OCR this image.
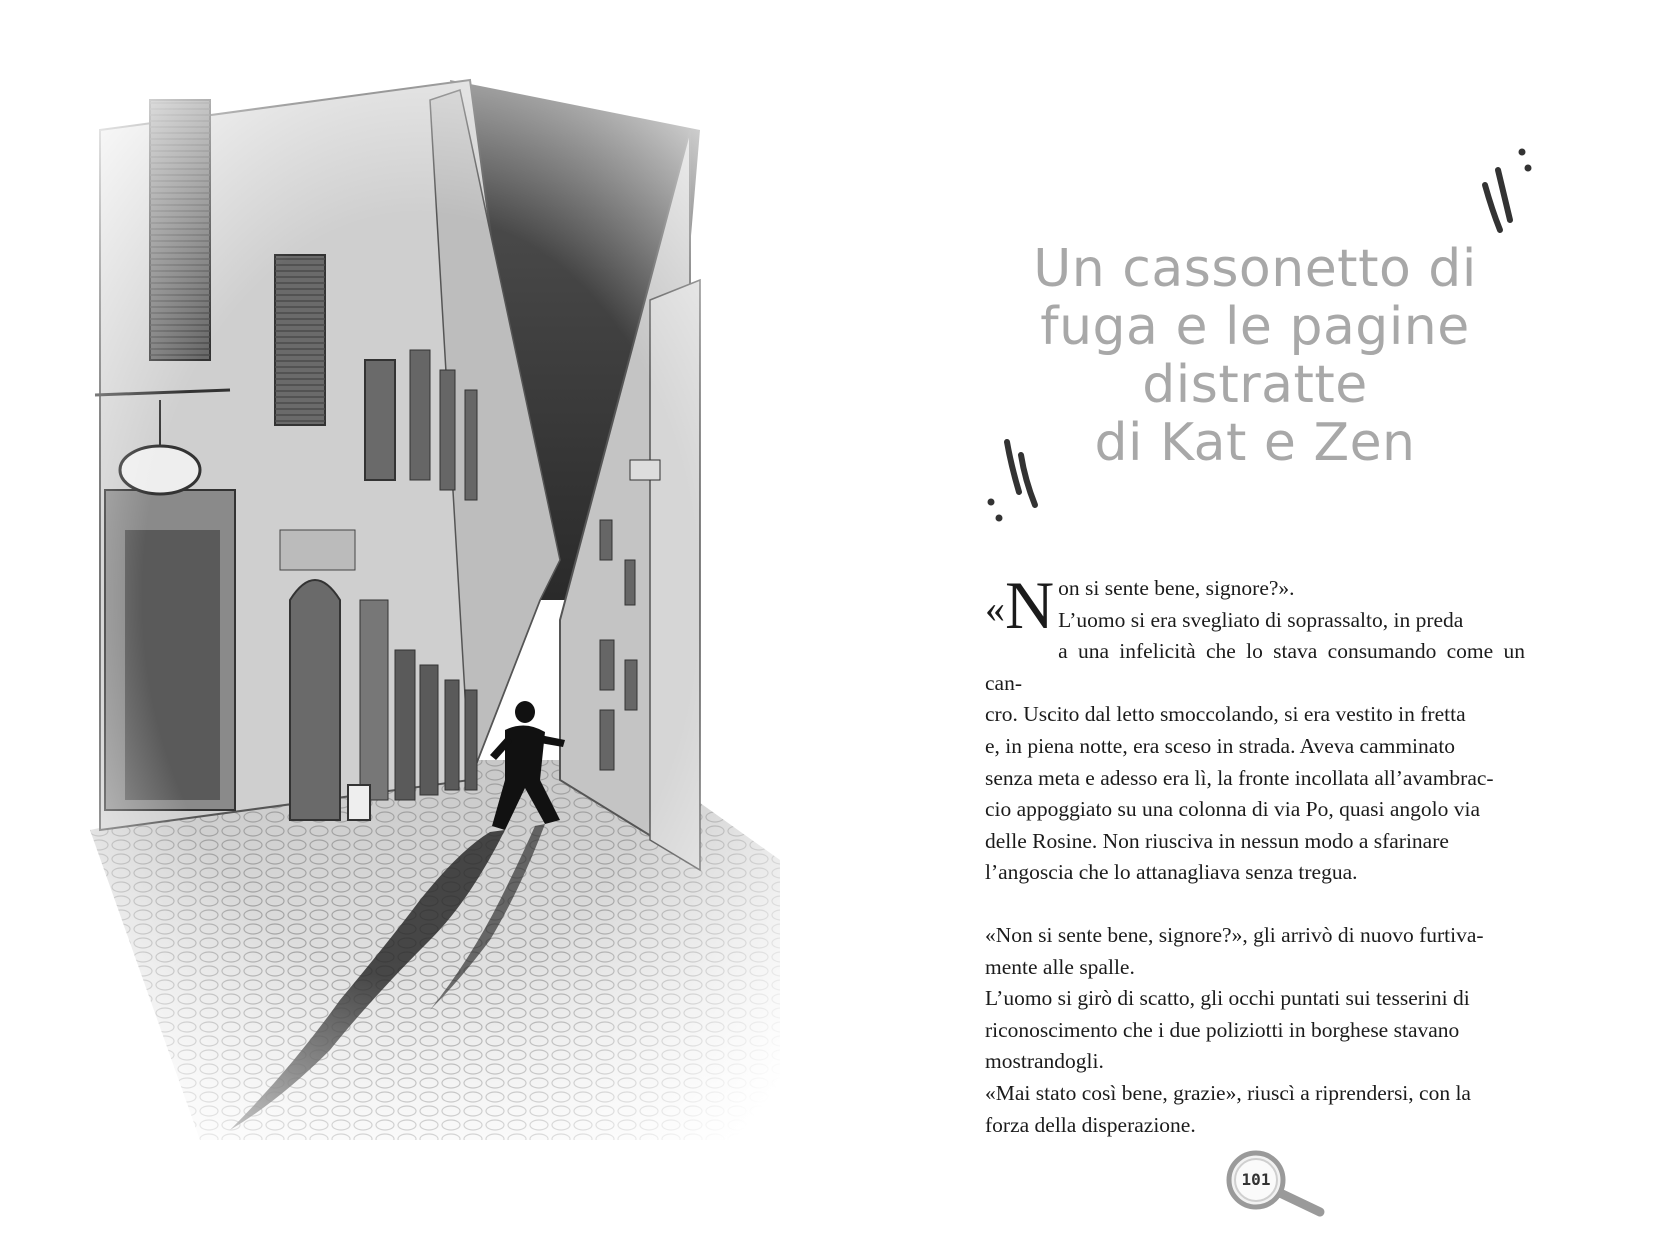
Un cassonetto di
fuga e le pagine
distratte
di Kat e Zen

«N on si sente bene, signore?».
L’uomo si era svegliato di soprassalto, in preda
a una infelicità che lo stava consumando come un can-
cro. Uscito dal letto smoccolando, si era vestito in fretta
e, in piena notte, era sceso in strada. Aveva camminato
senza meta e adesso era lì, la fronte incollata all’avambrac-
cio appoggiato su una colonna di via Po, quasi angolo via
delle Rosine. Non riusciva in nessun modo a sfarinare
l’angoscia che lo attanagliava senza tregua.

«Non si sente bene, signore?», gli arrivò di nuovo furtiva-
mente alle spalle.
L’uomo si girò di scatto, gli occhi puntati sui tesserini di
riconoscimento che i due poliziotti in borghese stavano
mostrandogli.
«Mai stato così bene, grazie», riuscì a riprendersi, con la
forza della disperazione.

101
